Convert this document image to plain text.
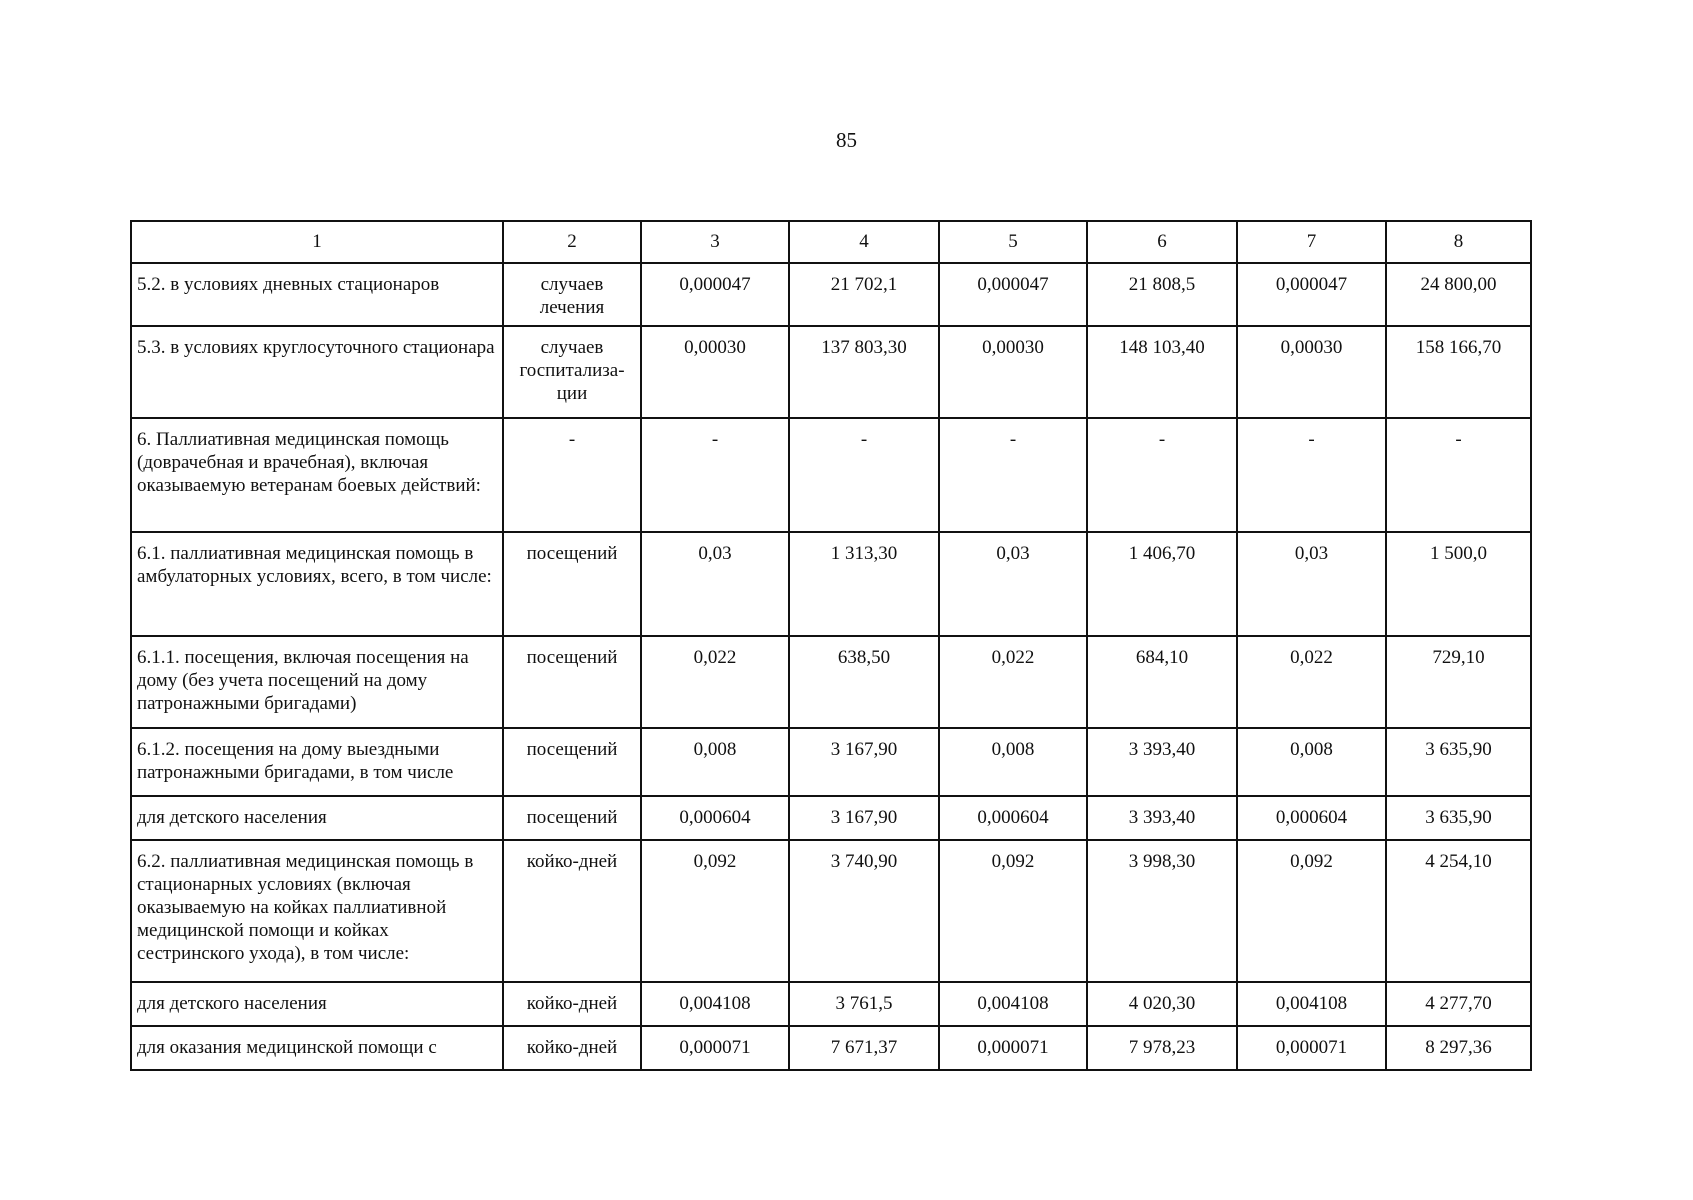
85
1	2	3	4	5	6	7	8
5.2. в условиях дневных стационаров	случаев лечения	0,000047	21 702,1	0,000047	21 808,5	0,000047	24 800,00
5.3. в условиях круглосуточного стационара	случаев госпитализации	0,00030	137 803,30	0,00030	148 103,40	0,00030	158 166,70
6. Паллиативная медицинская помощь (доврачебная и врачебная), включая оказываемую ветеранам боевых действий:	-	-	-	-	-	-	-
6.1. паллиативная медицинская помощь в амбулаторных условиях, всего, в том числе:	посещений	0,03	1 313,30	0,03	1 406,70	0,03	1 500,0
6.1.1. посещения, включая посещения на дому (без учета посещений на дому патронажными бригадами)	посещений	0,022	638,50	0,022	684,10	0,022	729,10
6.1.2. посещения на дому выездными патронажными бригадами, в том числе	посещений	0,008	3 167,90	0,008	3 393,40	0,008	3 635,90
для детского населения	посещений	0,000604	3 167,90	0,000604	3 393,40	0,000604	3 635,90
6.2. паллиативная медицинская помощь в стационарных условиях (включая оказываемую на койках паллиативной медицинской помощи и койках сестринского ухода), в том числе:	койко-дней	0,092	3 740,90	0,092	3 998,30	0,092	4 254,10
для детского населения	койко-дней	0,004108	3 761,5	0,004108	4 020,30	0,004108	4 277,70
для оказания медицинской помощи с	койко-дней	0,000071	7 671,37	0,000071	7 978,23	0,000071	8 297,36
